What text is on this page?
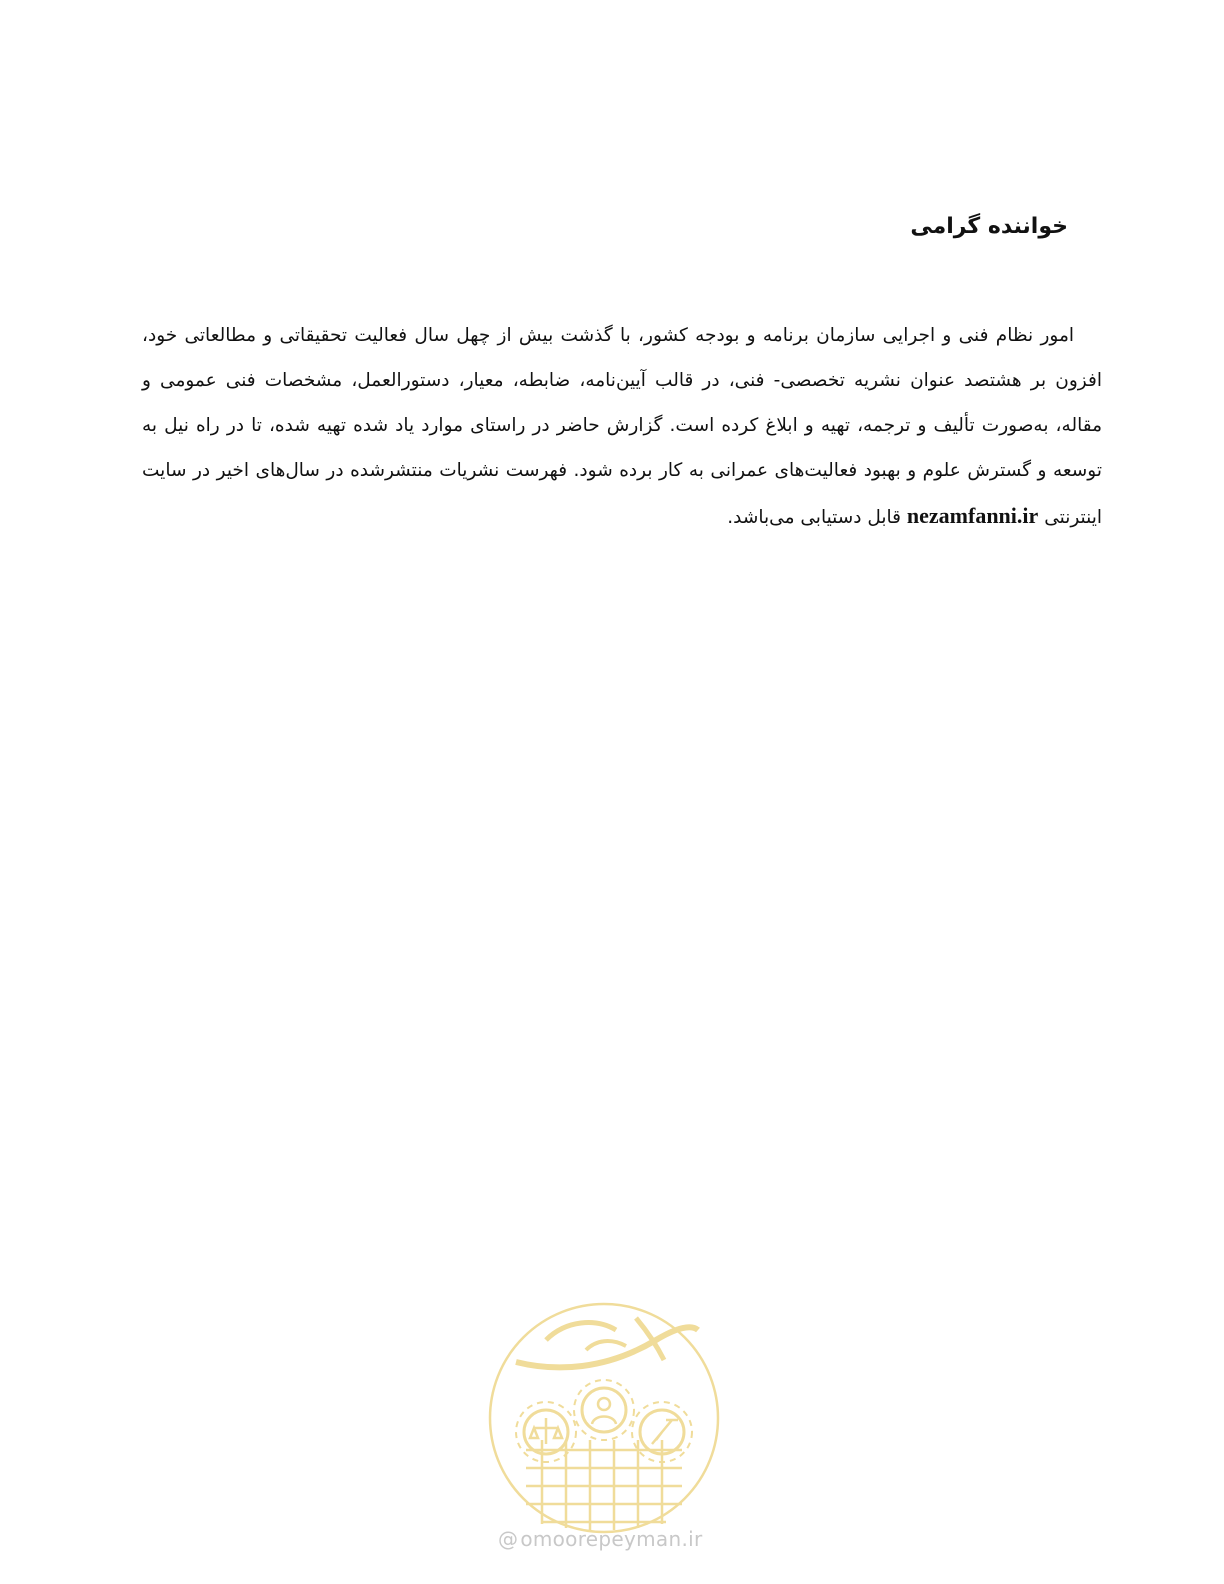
خواننده گرامی

امور نظام فنی و اجرایی سازمان برنامه و بودجه کشور، با گذشت بیش از چهل سال فعالیت تحقیقاتی و مطالعاتی خود، افزون بر هشتصد عنوان نشریه تخصصی- فنی، در قالب آیین‌نامه، ضابطه، معیار، دستورالعمل، مشخصات فنی عمومی و مقاله، به‌صورت تألیف و ترجمه، تهیه و ابلاغ کرده است. گزارش حاضر در راستای موارد یاد شده تهیه شده، تا در راه نیل به توسعه و گسترش علوم و بهبود فعالیت‌های عمرانی به کار برده شود. فهرست نشریات منتشرشده در سال‌های اخیر در سایت اینترنتی nezamfanni.ir قابل دستیابی می‌باشد.

@ omoorepeyman.ir
